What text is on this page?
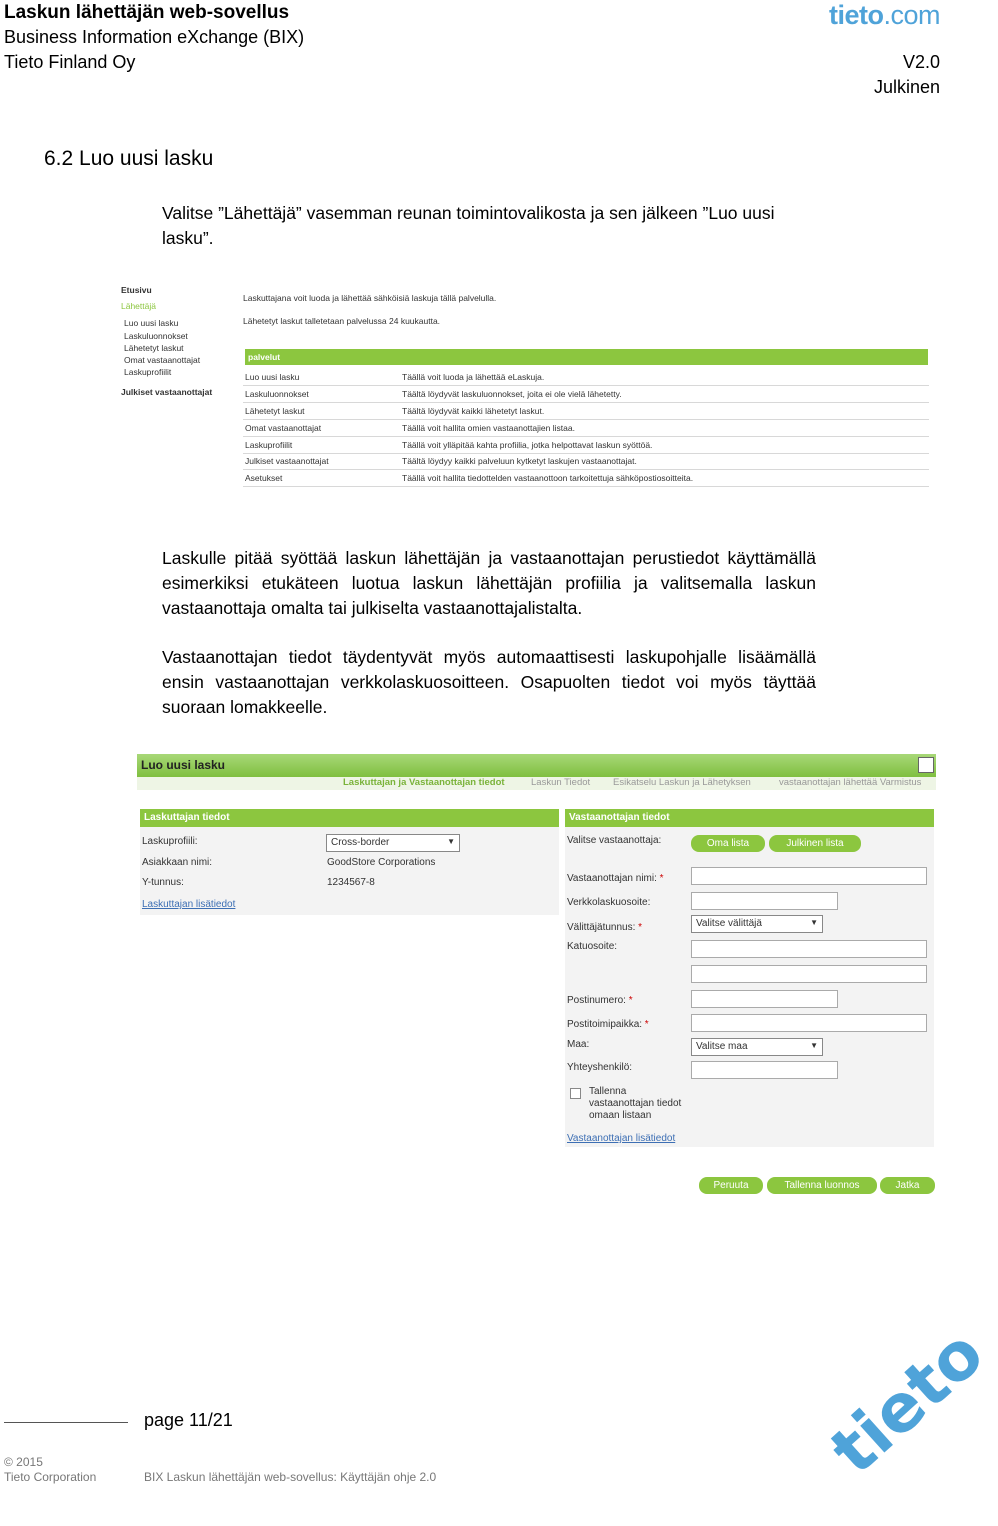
Laskun lähettäjän web-sovellus
Business Information eXchange (BIX)
Tieto Finland Oy
tieto.com
V2.0
Julkinen
6.2 Luo uusi lasku
Valitse ”Lähettäjä” vasemman reunan toimintovalikosta ja sen jälkeen ”Luo uusi lasku”.
Etusivu
Lähettäjä
Luo uusi lasku
Laskuluonnokset
Lähetetyt laskut
Omat vastaanottajat
Laskuprofiilit
Julkiset vastaanottajat
Laskuttajana voit luoda ja lähettää sähköisiä laskuja tällä palvelulla.
Lähetetyt laskut talletetaan palvelussa 24 kuukautta.
palvelut
Luo uusi lasku	Täällä voit luoda ja lähettää eLaskuja.
Laskuluonnokset	Täältä löydyvät laskuluonnokset, joita ei ole vielä lähetetty.
Lähetetyt laskut	Täältä löydyvät kaikki lähetetyt laskut.
Omat vastaanottajat	Täällä voit hallita omien vastaanottajien listaa.
Laskuprofiilit	Täällä voit ylläpitää kahta profiilia, jotka helpottavat laskun syöttöä.
Julkiset vastaanottajat	Täältä löydyy kaikki palveluun kytketyt laskujen vastaanottajat.
Asetukset	Täällä voit hallita tiedottelden vastaanottoon tarkoitettuja sähköpostiosoitteita.
Laskulle pitää syöttää laskun lähettäjän ja vastaanottajan perustiedot käyttämällä esimerkiksi etukäteen luotua laskun lähettäjän profiilia ja valitsemalla laskun vastaanottaja omalta tai julkiselta vastaanottajalistalta.
Vastaanottajan tiedot täydentyvät myös automaattisesti laskupohjalle lisäämällä ensin vastaanottajan verkkolaskuosoitteen. Osapuolten tiedot voi myös täyttää suoraan lomakkeelle.
Luo uusi lasku
Laskuttajan ja Vastaanottajan tiedot	Laskun Tiedot Esikatselu Laskun ja Lähetyksen	vastaanottajan lähettää Varmistus
Laskuttajan tiedot
Laskuprofiili:	Cross-border	▼
Asiakkaan nimi:	GoodStore Corporations
Y-tunnus:	1234567-8
Laskuttajan lisätiedot
Vastaanottajan tiedot
Valitse vastaanottaja:	Oma lista	Julkinen lista
Vastaanottajan nimi: *
Verkkolaskuosoite:
Välittäjätunnus: *	Valitse välittäjä	▼
Katuosoite:
Postinumero: *
Postitoimipaikka: *
Maa:	Valitse maa	▼
Yhteyshenkilö:
Tallenna
vastaanottajan tiedot
omaan listaan
Vastaanottajan lisätiedot
Peruuta	Tallenna luonnos	Jatka
page 11/21
© 2015
Tieto Corporation	BIX Laskun lähettäjän web-sovellus: Käyttäjän ohje 2.0	tieto
